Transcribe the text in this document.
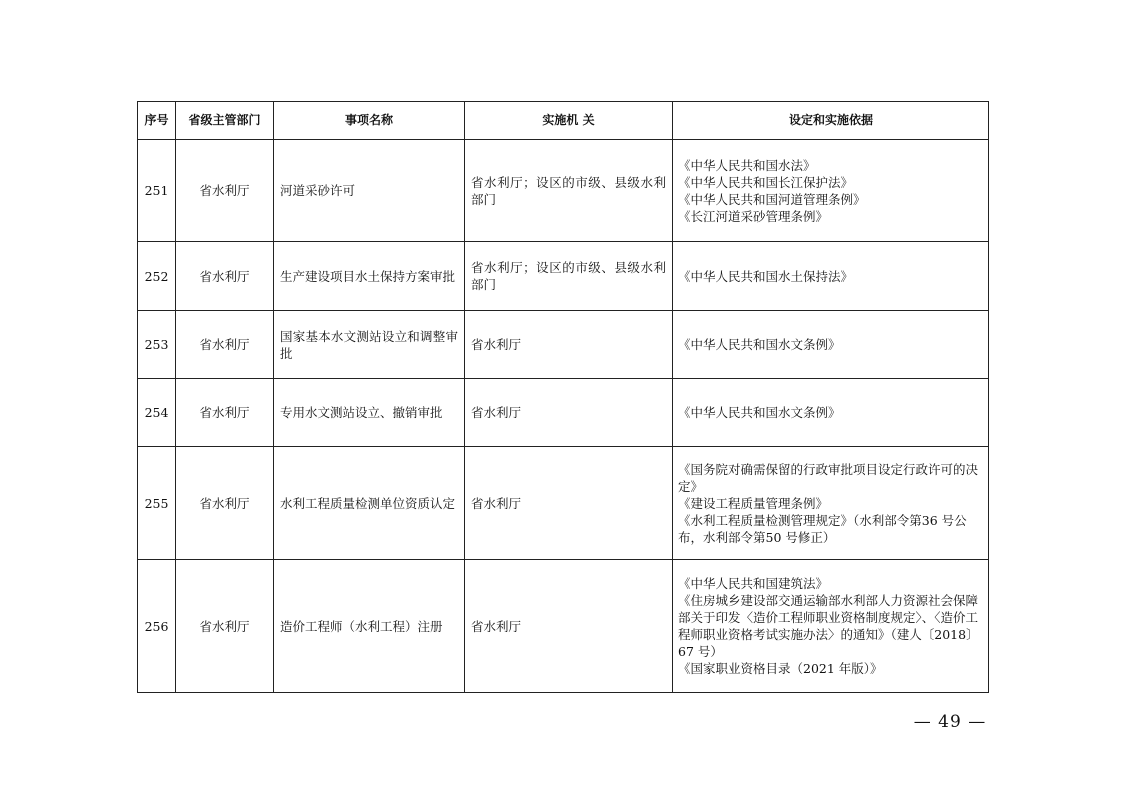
序号	省级主管部门	事项名称	实施机 关	设定和实施依据
251	省水利厅	河道采砂许可	省水利厅；设区的市级、县级水利部门	《中华人民共和国水法》
《中华人民共和国长江保护法》
《中华人民共和国河道管理条例》
《长江河道采砂管理条例》

252	省水利厅	生产建设项目水土保持方案审批	省水利厅；设区的市级、县级水利部门	《中华人民共和国水土保持法》

253	省水利厅	国家基本水文测站设立和调整审批	省水利厅	《中华人民共和国水文条例》

254	省水利厅	专用水文测站设立、撤销审批	省水利厅	《中华人民共和国水文条例》

255	省水利厅	水利工程质量检测单位资质认定	省水利厅	《国务院对确需保留的行政审批项目设定行政许可的决定》
《建设工程质量管理条例》
《水利工程质量检测管理规定》（水利部令第36 号公布，水利部令第50 号修正）

256	省水利厅	造价工程师（水利工程）注册	省水利厅	《中华人民共和国建筑法》
《住房城乡建设部交通运输部水利部人力资源社会保障部关于印发〈造价工程师职业资格制度规定〉、〈造价工程师职业资格考试实施办法〉的通知》（建人〔2018〕67 号）
《国家职业资格目录（2021 年版）》
— 49 —
